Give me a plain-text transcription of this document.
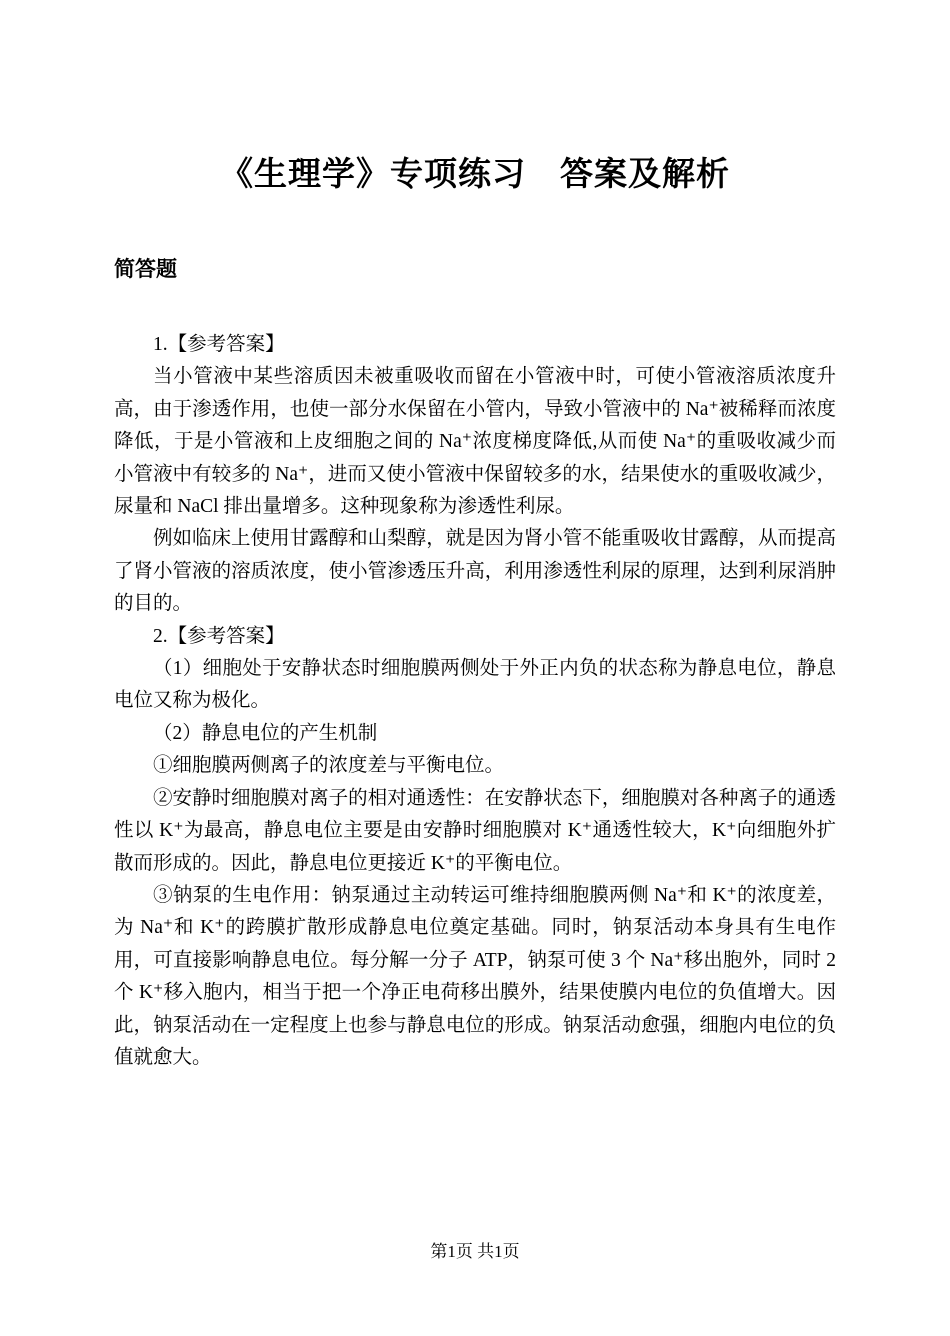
《生理学》专项练习　答案及解析
简答题

1.【参考答案】

当小管液中某些溶质因未被重吸收而留在小管液中时，可使小管液溶质浓度升高，由于渗透作用，也使一部分水保留在小管内，导致小管液中的 Na⁺被稀释而浓度降低，于是小管液和上皮细胞之间的 Na⁺浓度梯度降低,从而使 Na⁺的重吸收减少而小管液中有较多的 Na⁺，进而又使小管液中保留较多的水，结果使水的重吸收减少，尿量和 NaCl 排出量增多。这种现象称为渗透性利尿。

例如临床上使用甘露醇和山梨醇，就是因为肾小管不能重吸收甘露醇，从而提高了肾小管液的溶质浓度，使小管渗透压升高，利用渗透性利尿的原理，达到利尿消肿的目的。

2.【参考答案】

（1）细胞处于安静状态时细胞膜两侧处于外正内负的状态称为静息电位，静息电位又称为极化。

（2）静息电位的产生机制

①细胞膜两侧离子的浓度差与平衡电位。

②安静时细胞膜对离子的相对通透性：在安静状态下，细胞膜对各种离子的通透性以 K⁺为最高，静息电位主要是由安静时细胞膜对 K⁺通透性较大，K⁺向细胞外扩散而形成的。因此，静息电位更接近 K⁺的平衡电位。

③钠泵的生电作用：钠泵通过主动转运可维持细胞膜两侧 Na⁺和 K⁺的浓度差，为 Na⁺和 K⁺的跨膜扩散形成静息电位奠定基础。同时，钠泵活动本身具有生电作用，可直接影响静息电位。每分解一分子 ATP，钠泵可使 3 个 Na⁺移出胞外，同时 2 个 K⁺移入胞内，相当于把一个净正电荷移出膜外，结果使膜内电位的负值增大。因此，钠泵活动在一定程度上也参与静息电位的形成。钠泵活动愈强，细胞内电位的负值就愈大。

第1页 共1页
